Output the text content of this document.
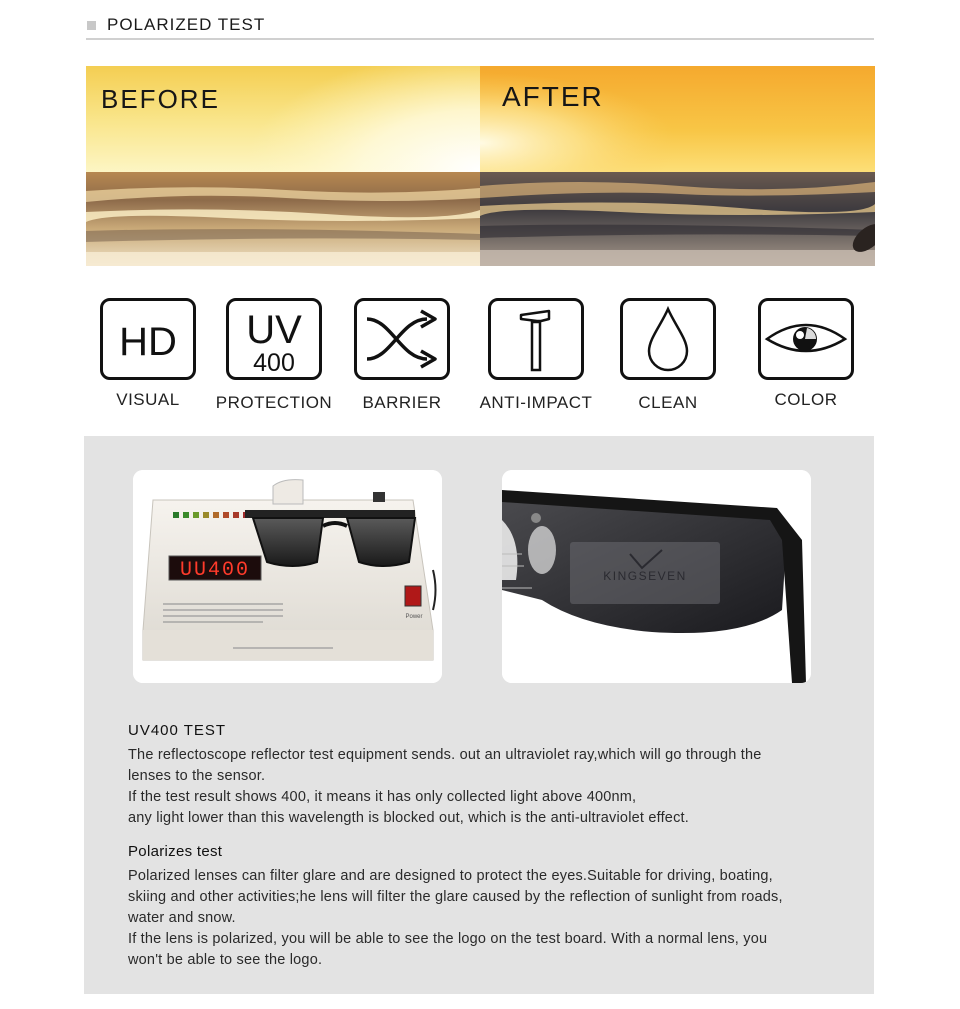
POLARIZED TEST
BEFORE	AFTER
HD
VISUAL
UV
400
PROTECTION	BARRIER	ANTI-IMPACT	CLEAN	COLOR
UU400
Power
KINGSEVEN
UV400 TEST

The reflectoscope reflector test equipment sends. out an ultraviolet ray,which will go through the

lenses to the sensor.

If the test result shows 400, it means it has only collected light above 400nm,

any light lower than this wavelength is blocked out, which is the anti-ultraviolet effect.

Polarizes test

Polarized lenses can filter glare and are designed to protect the eyes.Suitable for driving, boating,

skiing and other activities;he lens will filter the glare caused by the reflection of sunlight from roads,

water and snow.

If the lens is polarized, you will be able to see the logo on the test board. With a normal lens, you

won't be able to see the logo.
